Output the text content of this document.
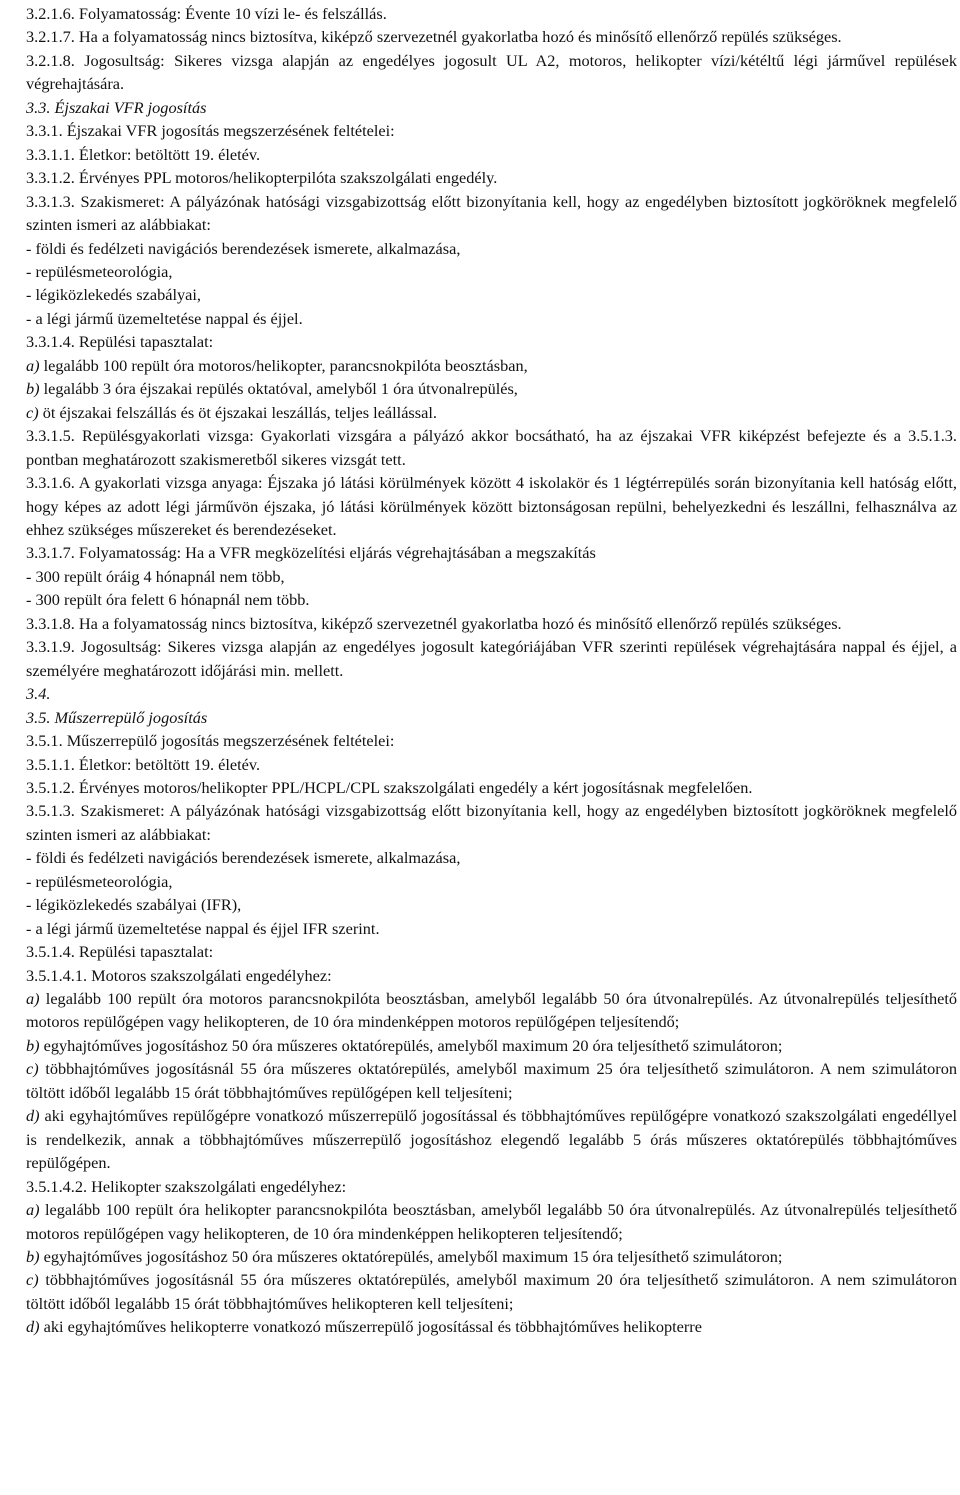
3.2.1.6. Folyamatosság: Évente 10 vízi le- és felszállás.

3.2.1.7. Ha a folyamatosság nincs biztosítva, kiképző szervezetnél gyakorlatba hozó és minősítő ellenőrző repülés szükséges.

3.2.1.8. Jogosultság: Sikeres vizsga alapján az engedélyes jogosult UL A2, motoros, helikopter vízi/kétéltű légi járművel repülések végrehajtására.

3.3. Éjszakai VFR jogosítás

3.3.1. Éjszakai VFR jogosítás megszerzésének feltételei:

3.3.1.1. Életkor: betöltött 19. életév.

3.3.1.2. Érvényes PPL motoros/helikopterpilóta szakszolgálati engedély.

3.3.1.3. Szakismeret: A pályázónak hatósági vizsgabizottság előtt bizonyítania kell, hogy az engedélyben biztosított jogköröknek megfelelő szinten ismeri az alábbiakat:

- földi és fedélzeti navigációs berendezések ismerete, alkalmazása,

- repülésmeteorológia,

- légiközlekedés szabályai,

- a légi jármű üzemeltetése nappal és éjjel.

3.3.1.4. Repülési tapasztalat:

a) legalább 100 repült óra motoros/helikopter, parancsnokpilóta beosztásban,

b) legalább 3 óra éjszakai repülés oktatóval, amelyből 1 óra útvonalrepülés,

c) öt éjszakai felszállás és öt éjszakai leszállás, teljes leállással.

3.3.1.5. Repülésgyakorlati vizsga: Gyakorlati vizsgára a pályázó akkor bocsátható, ha az éjszakai VFR kiképzést befejezte és a 3.5.1.3. pontban meghatározott szakismeretből sikeres vizsgát tett.

3.3.1.6. A gyakorlati vizsga anyaga: Éjszaka jó látási körülmények között 4 iskolakör és 1 légtérrepülés során bizonyítania kell hatóság előtt, hogy képes az adott légi járművön éjszaka, jó látási körülmények között biztonságosan repülni, behelyezkedni és leszállni, felhasználva az ehhez szükséges műszereket és berendezéseket.

3.3.1.7. Folyamatosság: Ha a VFR megközelítési eljárás végrehajtásában a megszakítás

- 300 repült óráig 4 hónapnál nem több,

- 300 repült óra felett 6 hónapnál nem több.

3.3.1.8. Ha a folyamatosság nincs biztosítva, kiképző szervezetnél gyakorlatba hozó és minősítő ellenőrző repülés szükséges.

3.3.1.9. Jogosultság: Sikeres vizsga alapján az engedélyes jogosult kategóriájában VFR szerinti repülések végrehajtására nappal és éjjel, a személyére meghatározott időjárási min. mellett.

3.4.

3.5. Műszerrepülő jogosítás

3.5.1. Műszerrepülő jogosítás megszerzésének feltételei:

3.5.1.1. Életkor: betöltött 19. életév.

3.5.1.2. Érvényes motoros/helikopter PPL/HCPL/CPL szakszolgálati engedély a kért jogosításnak megfelelően.

3.5.1.3. Szakismeret: A pályázónak hatósági vizsgabizottság előtt bizonyítania kell, hogy az engedélyben biztosított jogköröknek megfelelő szinten ismeri az alábbiakat:

- földi és fedélzeti navigációs berendezések ismerete, alkalmazása,

- repülésmeteorológia,

- légiközlekedés szabályai (IFR),

- a légi jármű üzemeltetése nappal és éjjel IFR szerint.

3.5.1.4. Repülési tapasztalat:

3.5.1.4.1. Motoros szakszolgálati engedélyhez:

a) legalább 100 repült óra motoros parancsnokpilóta beosztásban, amelyből legalább 50 óra útvonalrepülés. Az útvonalrepülés teljesíthető motoros repülőgépen vagy helikopteren, de 10 óra mindenképpen motoros repülőgépen teljesítendő;

b) egyhajtóműves jogosításhoz 50 óra műszeres oktatórepülés, amelyből maximum 20 óra teljesíthető szimulátoron;

c) többhajtóműves jogosításnál 55 óra műszeres oktatórepülés, amelyből maximum 25 óra teljesíthető szimulátoron. A nem szimulátoron töltött időből legalább 15 órát többhajtóműves repülőgépen kell teljesíteni;

d) aki egyhajtóműves repülőgépre vonatkozó műszerrepülő jogosítással és többhajtóműves repülőgépre vonatkozó szakszolgálati engedéllyel is rendelkezik, annak a többhajtóműves műszerrepülő jogosításhoz elegendő legalább 5 órás műszeres oktatórepülés többhajtóműves repülőgépen.

3.5.1.4.2. Helikopter szakszolgálati engedélyhez:

a) legalább 100 repült óra helikopter parancsnokpilóta beosztásban, amelyből legalább 50 óra útvonalrepülés. Az útvonalrepülés teljesíthető motoros repülőgépen vagy helikopteren, de 10 óra mindenképpen helikopteren teljesítendő;

b) egyhajtóműves jogosításhoz 50 óra műszeres oktatórepülés, amelyből maximum 15 óra teljesíthető szimulátoron;

c) többhajtóműves jogosításnál 55 óra műszeres oktatórepülés, amelyből maximum 20 óra teljesíthető szimulátoron. A nem szimulátoron töltött időből legalább 15 órát többhajtóműves helikopteren kell teljesíteni;

d) aki egyhajtóműves helikopterre vonatkozó műszerrepülő jogosítással és többhajtóműves helikopterre
